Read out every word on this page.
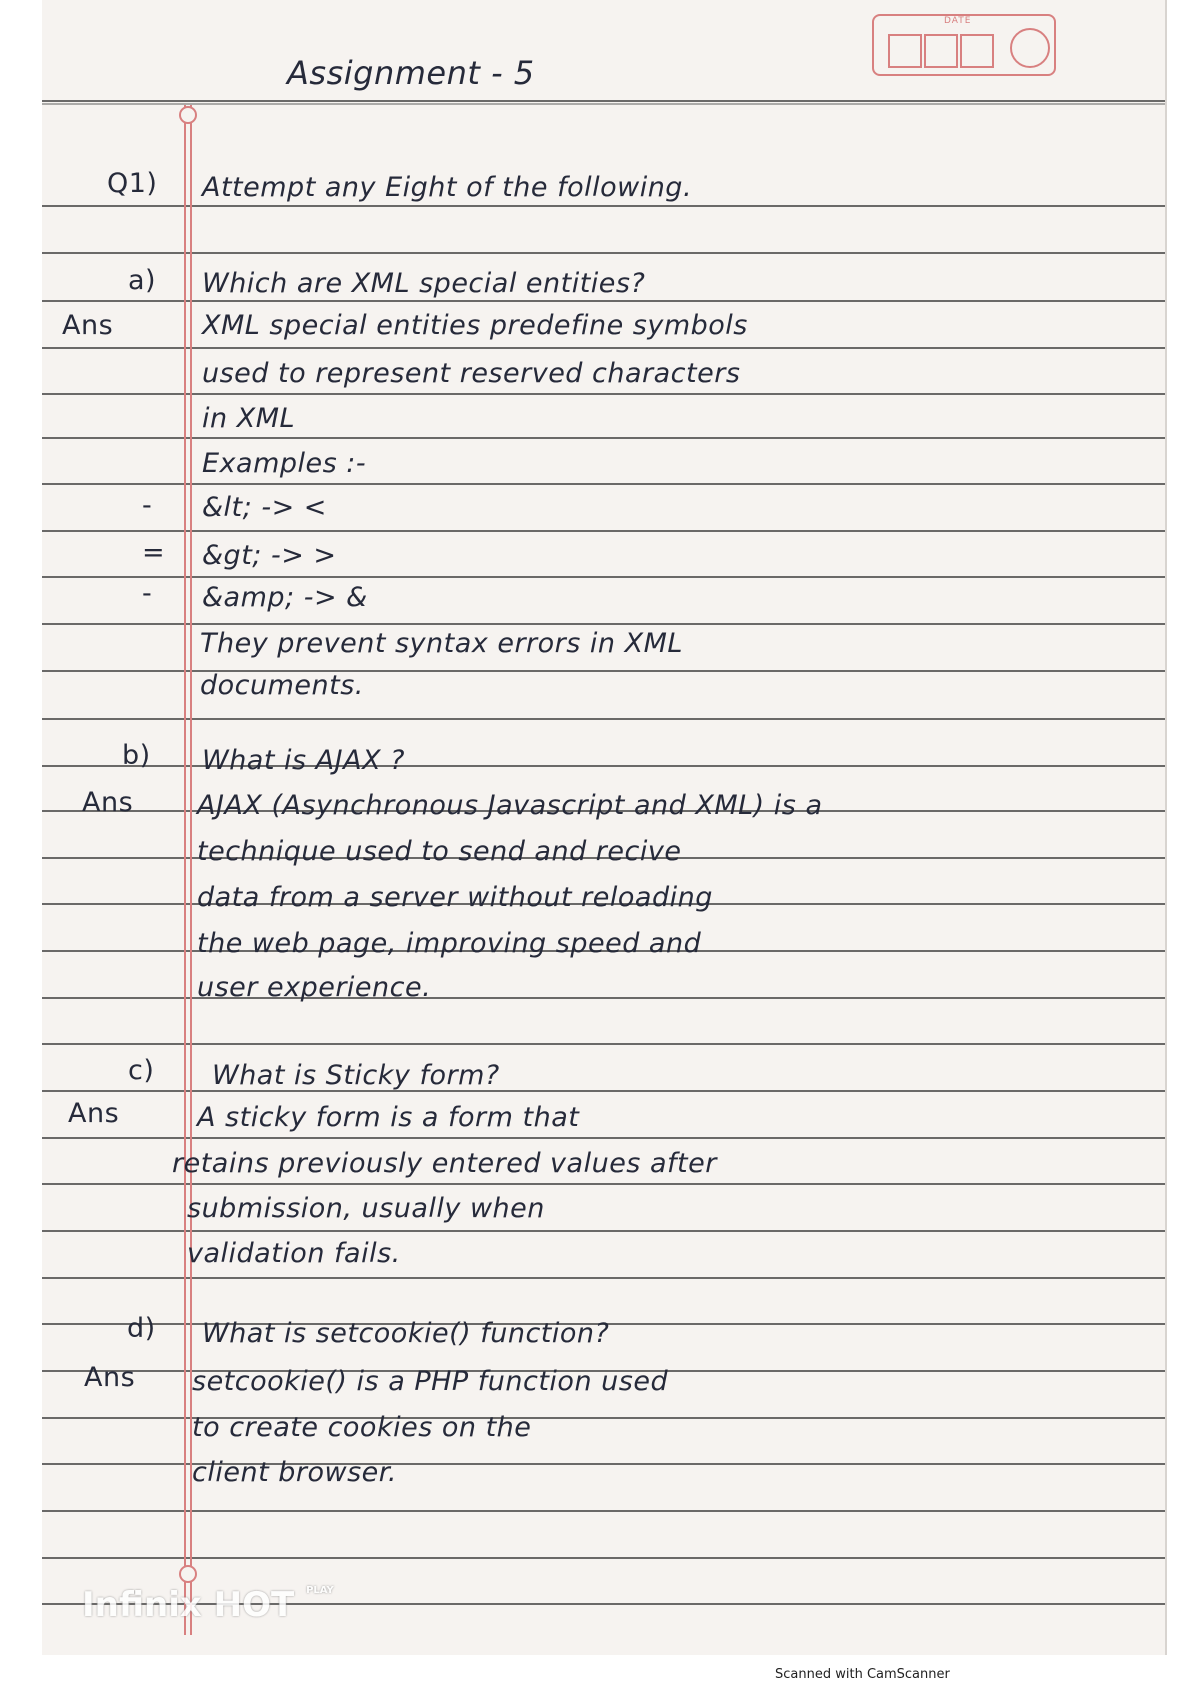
DATE
Assignment - 5
Q1) Attempt any Eight of the following.
a) Which are XML special entities?
Ans	XML special entities predefine symbols
used to represent reserved characters
in XML
Examples :-
- &lt; -> <
= &gt; -> >
- &amp; -> &
They prevent syntax errors in XML
documents.
b) What is AJAX ?
Ans AJAX (Asynchronous Javascript and XML) is a
technique used to send and recive
data from a server without reloading
the web page, improving speed and
user experience.
c) What is Sticky form?
Ans	A sticky form is a form that
retains previously entered values after
submission, usually when
validation fails.
d) What is setcookie() function?
Ans setcookie() is a PHP function used
to create cookies on the
client browser.
Infinix HOT $^{PLAY}$
Scanned with CamScanner
